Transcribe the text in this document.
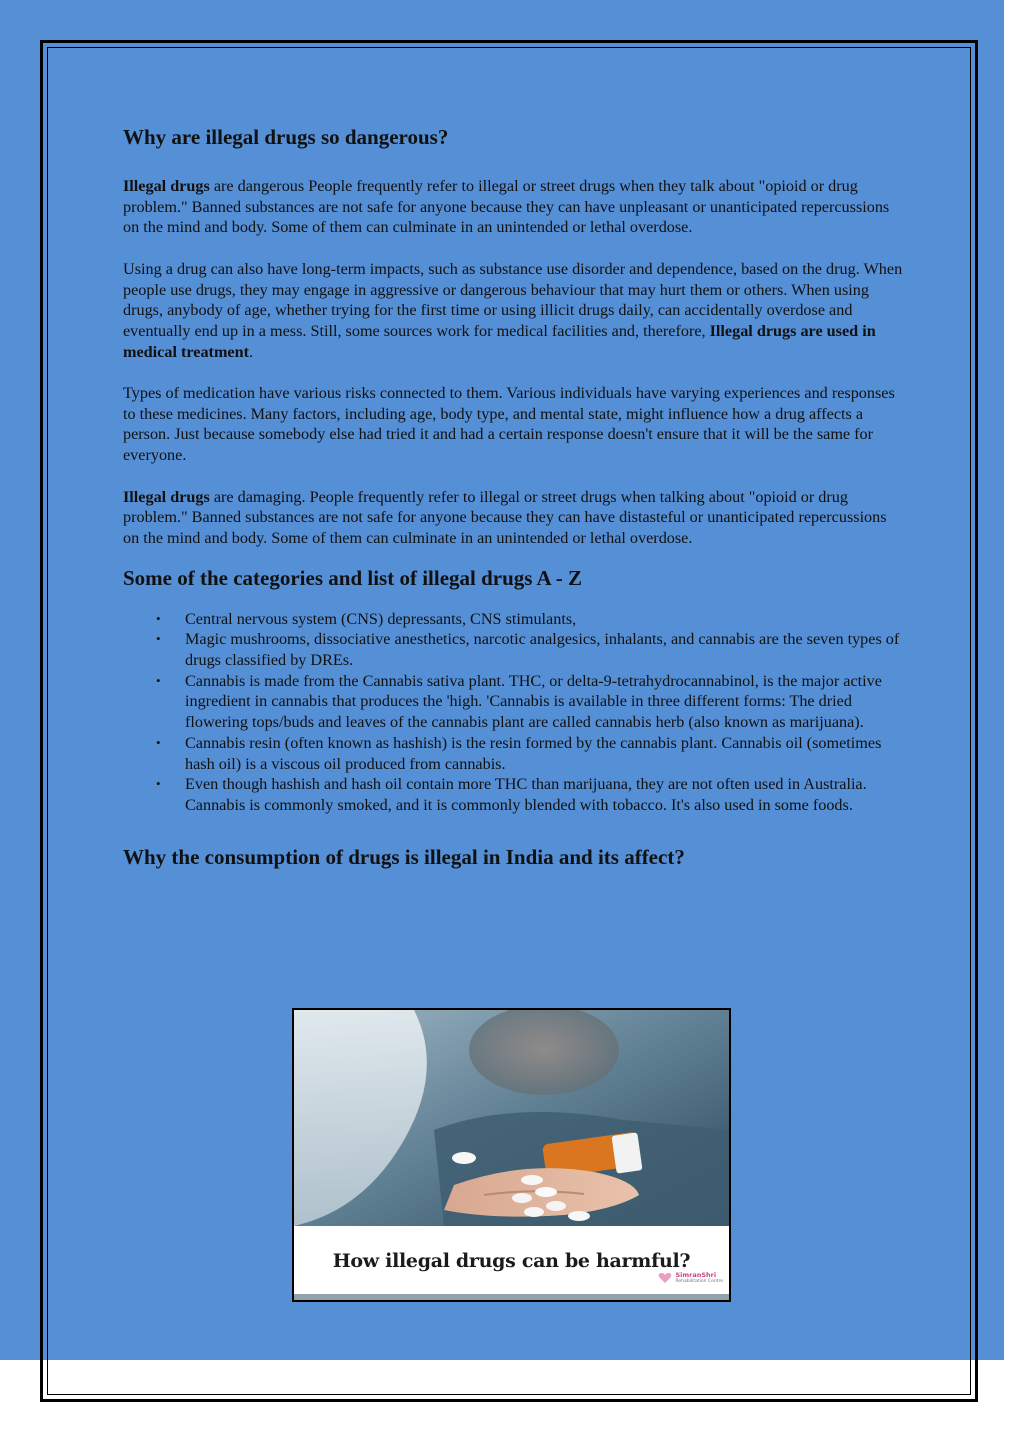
Why are illegal drugs so dangerous?

Illegal drugs are dangerous People frequently refer to illegal or street drugs when they talk about "opioid or drug problem." Banned substances are not safe for anyone because they can have unpleasant or unanticipated repercussions on the mind and body. Some of them can culminate in an unintended or lethal overdose.

Using a drug can also have long-term impacts, such as substance use disorder and dependence, based on the drug. When people use drugs, they may engage in aggressive or dangerous behaviour that may hurt them or others. When using drugs, anybody of age, whether trying for the first time or using illicit drugs daily, can accidentally overdose and eventually end up in a mess. Still, some sources work for medical facilities and, therefore, Illegal drugs are used in medical treatment.

Types of medication have various risks connected to them. Various individuals have varying experiences and responses to these medicines. Many factors, including age, body type, and mental state, might influence how a drug affects a person. Just because somebody else had tried it and had a certain response doesn't ensure that it will be the same for everyone.

Illegal drugs are damaging. People frequently refer to illegal or street drugs when talking about "opioid or drug problem." Banned substances are not safe for anyone because they can have distasteful or unanticipated repercussions on the mind and body. Some of them can culminate in an unintended or lethal overdose.

Some of the categories and list of illegal drugs A - Z
• Central nervous system (CNS) depressants, CNS stimulants,
• Magic mushrooms, dissociative anesthetics, narcotic analgesics, inhalants, and cannabis are the seven types of drugs classified by DREs.
• Cannabis is made from the Cannabis sativa plant. THC, or delta-9-tetrahydrocannabinol, is the major active ingredient in cannabis that produces the 'high. 'Cannabis is available in three different forms: The dried flowering tops/buds and leaves of the cannabis plant are called cannabis herb (also known as marijuana).
• Cannabis resin (often known as hashish) is the resin formed by the cannabis plant. Cannabis oil (sometimes hash oil) is a viscous oil produced from cannabis.
• Even though hashish and hash oil contain more THC than marijuana, they are not often used in Australia. Cannabis is commonly smoked, and it is commonly blended with tobacco. It's also used in some foods.
Why the consumption of drugs is illegal in India and its affect?
How illegal drugs can be harmful?
SimranShri
Rehabilitation Centre
